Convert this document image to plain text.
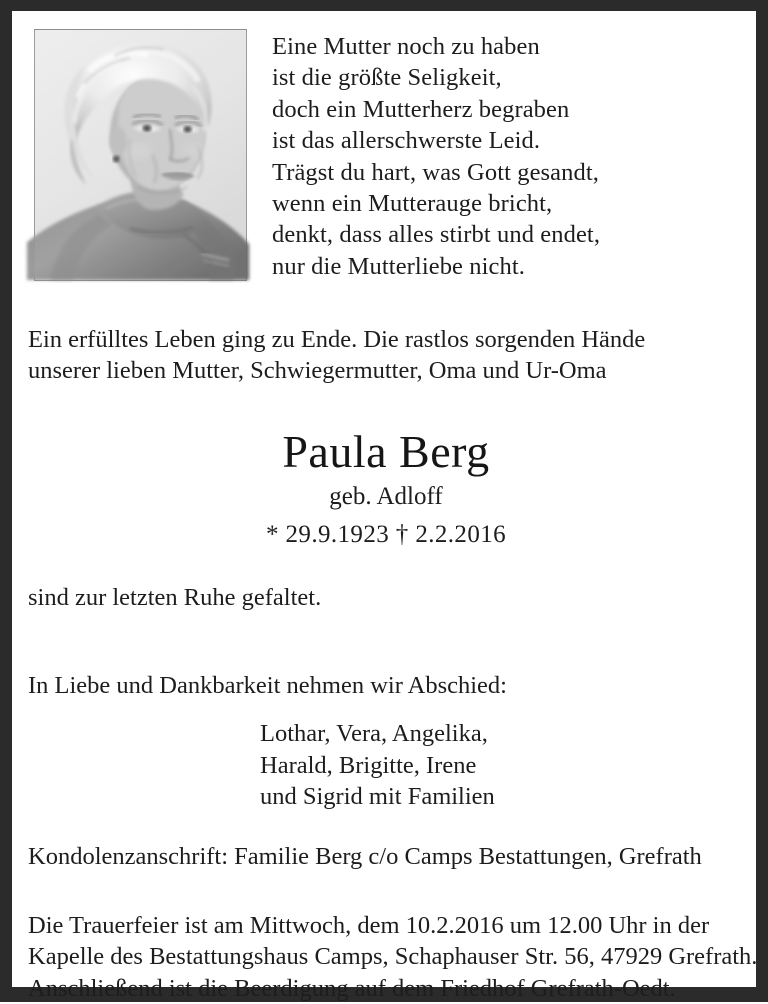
Eine Mutter noch zu haben
ist die größte Seligkeit,
doch ein Mutterherz begraben
ist das allerschwerste Leid.
Trägst du hart, was Gott gesandt,
wenn ein Mutterauge bricht,
denkt, dass alles stirbt und endet,
nur die Mutterliebe nicht.
Ein erfülltes Leben ging zu Ende. Die rastlos sorgenden Hände
unserer lieben Mutter, Schwiegermutter, Oma und Ur-Oma
Paula Berg
geb. Adloff
* 29.9.1923 † 2.2.2016
sind zur letzten Ruhe gefaltet.
In Liebe und Dankbarkeit nehmen wir Abschied:
Lothar, Vera, Angelika,
Harald, Brigitte, Irene
und Sigrid mit Familien
Kondolenzanschrift: Familie Berg c/o Camps Bestattungen, Grefrath
Die Trauerfeier ist am Mittwoch, dem 10.2.2016 um 12.00 Uhr in der
Kapelle des Bestattungshaus Camps, Schaphauser Str. 56, 47929 Grefrath.
Anschließend ist die Beerdigung auf dem Friedhof Grefrath-Oedt.
